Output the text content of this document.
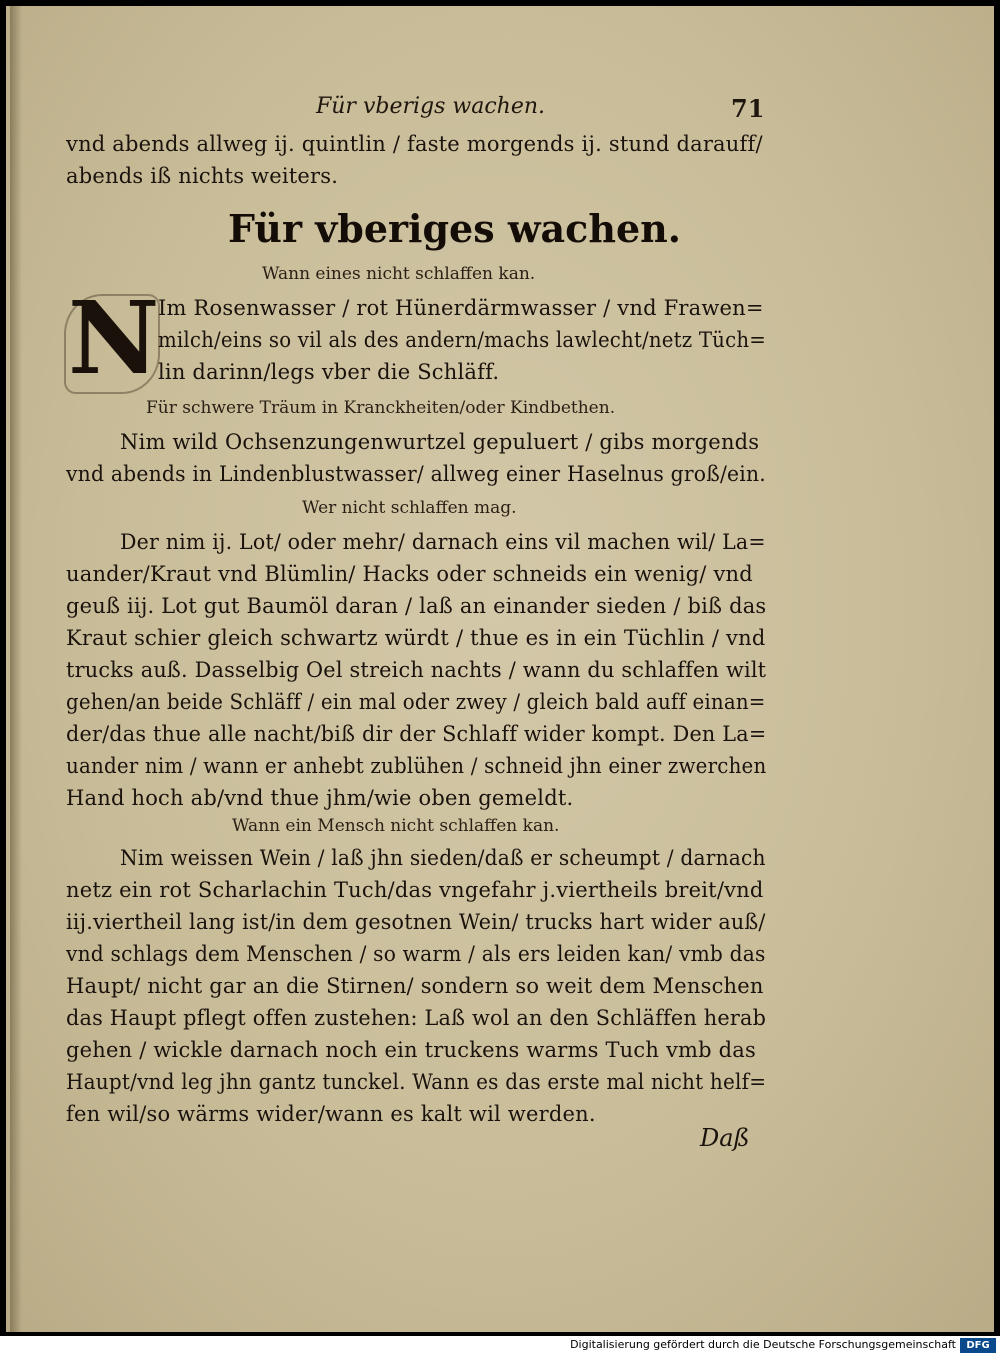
Für vberigs wachen.	71
vnd abends allweg ij. quintlin / faste morgends ij. stund darauff/
abends iß nichts weiters.
Für vberiges wachen.
Wann eines nicht schlaffen kan.
N
Im Rosenwasser / rot Hünerdärmwasser / vnd Frawen=
milch/eins so vil als des andern/machs lawlecht/netz Tüch=
lin darinn/legs vber die Schläff.
Für schwere Träum in Kranckheiten/oder Kindbethen.
Nim wild Ochsenzungenwurtzel gepuluert / gibs morgends
vnd abends in Lindenblustwasser/ allweg einer Haselnus groß/ein.
Wer nicht schlaffen mag.
Der nim ij. Lot/ oder mehr/ darnach eins vil machen wil/ La=
uander/Kraut vnd Blümlin/ Hacks oder schneids ein wenig/ vnd
geuß iij. Lot gut Baumöl daran / laß an einander sieden / biß das
Kraut schier gleich schwartz würdt / thue es in ein Tüchlin / vnd
trucks auß. Dasselbig Oel streich nachts / wann du schlaffen wilt
gehen/an beide Schläff / ein mal oder zwey / gleich bald auff einan=
der/das thue alle nacht/biß dir der Schlaff wider kompt. Den La=
uander nim / wann er anhebt zublühen / schneid jhn einer zwerchen
Hand hoch ab/vnd thue jhm/wie oben gemeldt.
Wann ein Mensch nicht schlaffen kan.
Nim weissen Wein / laß jhn sieden/daß er scheumpt / darnach
netz ein rot Scharlachin Tuch/das vngefahr j.viertheils breit/vnd
iij.viertheil lang ist/in dem gesotnen Wein/ trucks hart wider auß/
vnd schlags dem Menschen / so warm / als ers leiden kan/ vmb das
Haupt/ nicht gar an die Stirnen/ sondern so weit dem Menschen
das Haupt pflegt offen zustehen: Laß wol an den Schläffen herab
gehen / wickle darnach noch ein truckens warms Tuch vmb das
Haupt/vnd leg jhn gantz tunckel. Wann es das erste mal nicht helf=
fen wil/so wärms wider/wann es kalt wil werden.
Daß
Digitalisierung gefördert durch die Deutsche Forschungsgemeinschaft	DFG
